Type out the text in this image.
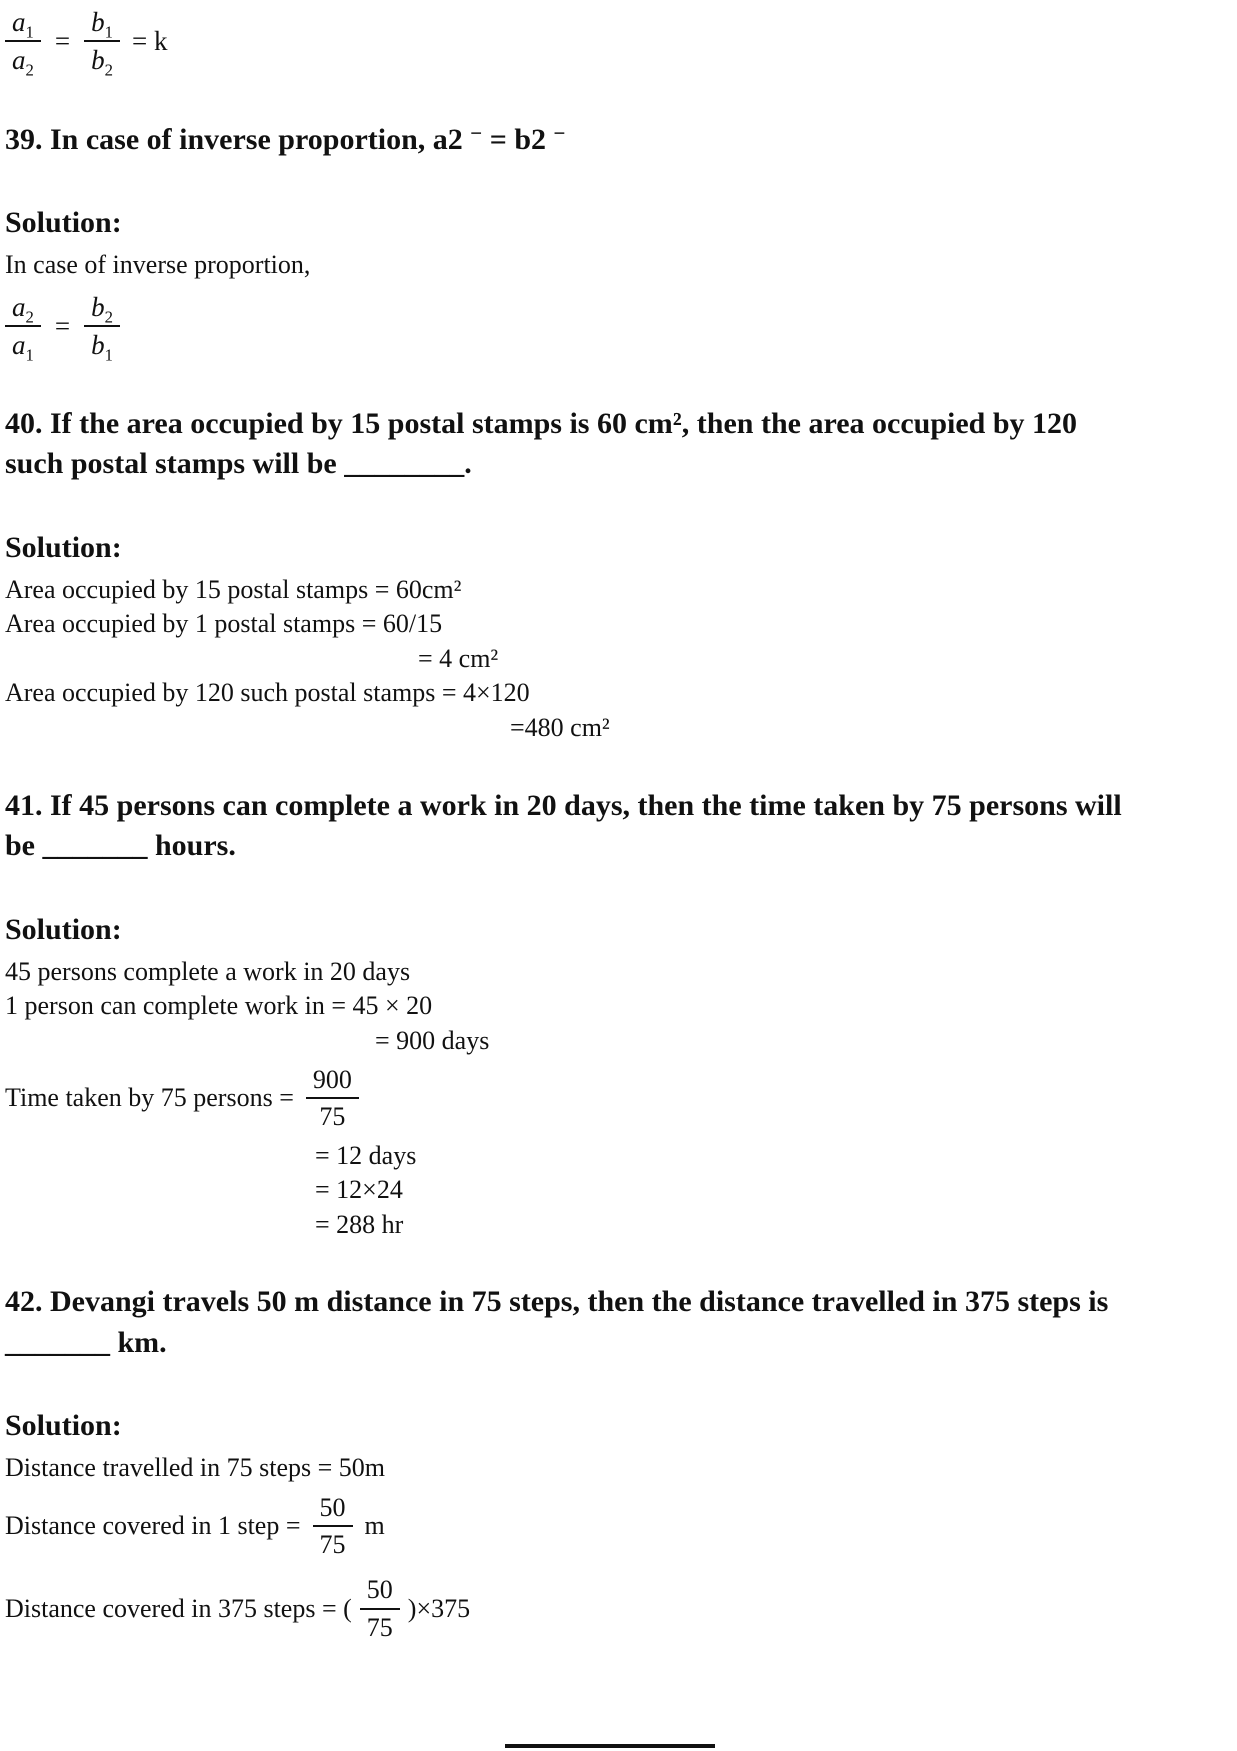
$\frac{a_1}{a_2} = \frac{b_1}{b_2} = k$
39. In case of inverse proportion, a2 − = b2 −
Solution:
In case of inverse proportion,
$\frac{a_2}{a_1} = \frac{b_2}{b_1}$
40. If the area occupied by 15 postal stamps is 60 cm², then the area occupied by 120 such postal stamps will be ________.
Solution:
Area occupied by 15 postal stamps = 60cm²
Area occupied by 1 postal stamps = 60/15
= 4 cm²
Area occupied by 120 such postal stamps = 4×120
=480 cm²
41. If 45 persons can complete a work in 20 days, then the time taken by 75 persons will be _______ hours.
Solution:
45 persons complete a work in 20 days
1 person can complete work in = 45 × 20
= 900 days
Time taken by 75 persons = $\frac{900}{75}$
= 12 days
= 12×24
= 288 hr
42. Devangi travels 50 m distance in 75 steps, then the distance travelled in 375 steps is _______ km.
Solution:
Distance travelled in 75 steps = 50m
Distance covered in 1 step = $\frac{50}{75}$ m
Distance covered in 375 steps = ( $\frac{50}{75} )\times 375$
